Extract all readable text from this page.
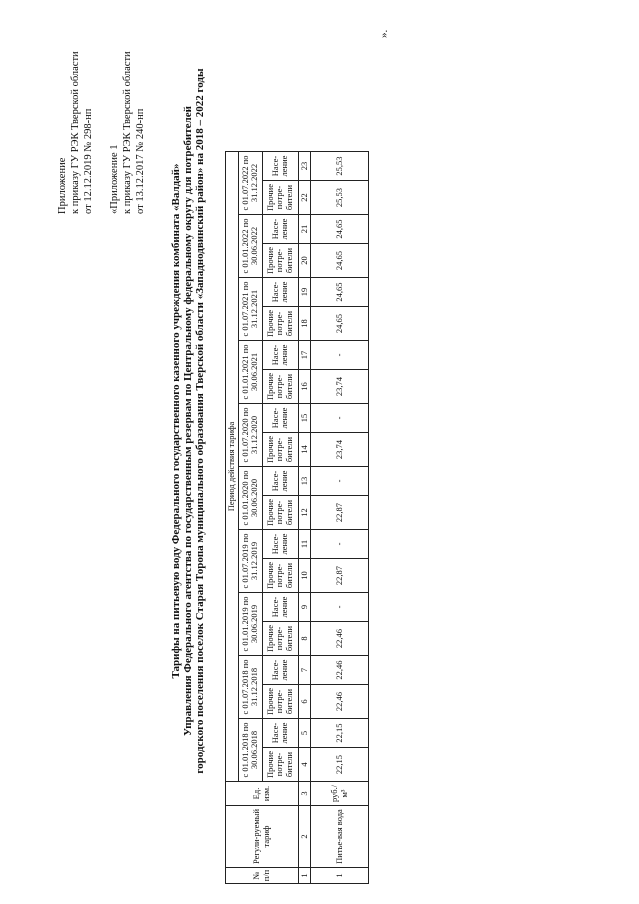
Приложение к приказу ГУ РЭК Тверской области от 12.12.2019 № 298-нп «Приложение 1 к приказу ГУ РЭК Тверской области от 13.12.2017 № 240-нп
Тарифы на питьевую воду Федерального государственного казенного учреждения комбината «Валдай» Управления Федерального агентства по государственным резервам по Центральному федеральному округу для потребителей городского поселения поселок Старая Торопа муниципального образования Тверской области «Западнодвинский район» на 2018 – 2022 годы
№ п/п	Регули-руемый тариф	Ед. изм.	Период действия тарифа																			
			с 01.01.2018 по 30.06.2018		с 01.07.2018 по 31.12.2018		с 01.01.2019 по 30.06.2019		с 01.07.2019 по 31.12.2019		с 01.01.2020 по 30.06.2020		с 01.07.2020 по 31.12.2020		с 01.01.2021 по 30.06.2021		с 01.07.2021 по 31.12.2021		с 01.01.2022 по 30.06.2022		с 01.07.2022 по 31.12.2022	
			Прочие потре-бители	Насе-ление	Прочие потре-бители	Насе-ление	Прочие потре-бители	Насе-ление	Прочие потре-бители	Насе-ление	Прочие потре-бители	Насе-ление	Прочие потре-бители	Насе-ление	Прочие потре-бители	Насе-ление	Прочие потре-бители	Насе-ление	Прочие потре-бители	Насе-ление	Прочие потре-бители	Насе-ление
1	2	3	4	5	6	7	8	9	10	11	12	13	14	15	16	17	18	19	20	21	22	23
1	Питье-вая вода	руб./м³	22,15	22,15	22,46	22,46	22,46	-	22,87	-	22,87	-	23,74	-	23,74	-	24,65	24,65	24,65	24,65	25,53	25,53
».
